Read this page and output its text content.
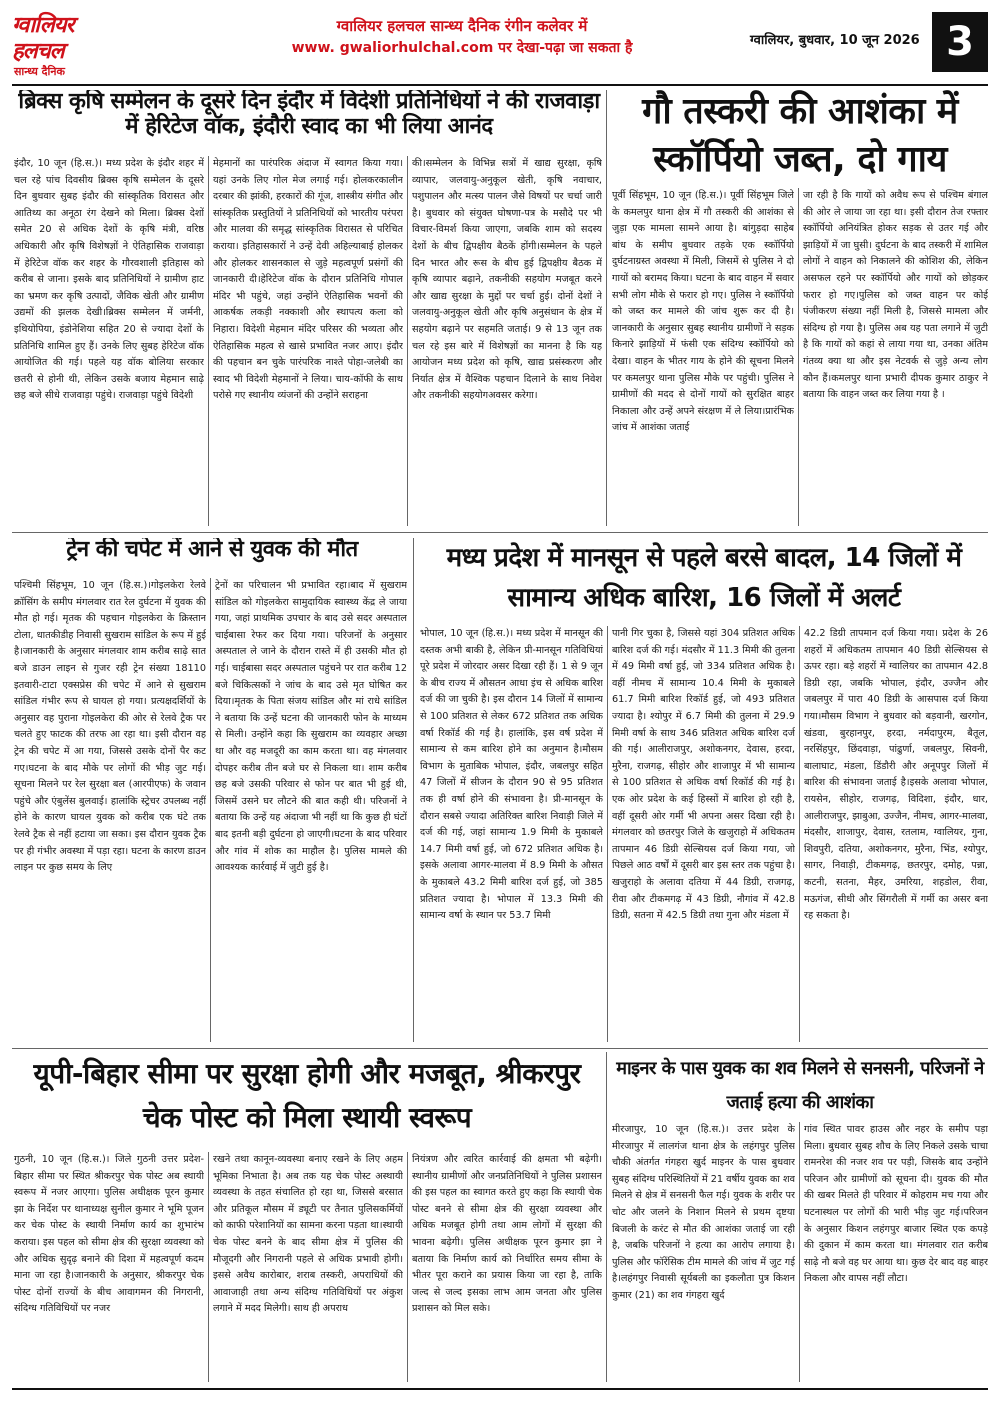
ग्वालियर
हलचल
सान्ध्य दैनिक
ग्वालियर हलचल सान्ध्य दैनिक रंगीन कलेवर में
www. gwaliorhulchal.com पर देखा-पढ़ा जा सकता है	ग्वालियर, बुधवार, 10 जून 2026 3
ब्रिक्स कृषि सम्मेलन के दूसरे दिन इंदौर में विदेशी प्रतिनिधियों ने की राजवाड़ा में हेरिटेज वॉक, इंदौरी स्वाद का भी लिया आनंद
इंदौर, 10 जून (हि.स.)। मध्य प्रदेश के इंदौर शहर में चल रहे पांच दिवसीय ब्रिक्स कृषि सम्मेलन के दूसरे दिन बुधवार सुबह इंदौर की सांस्कृतिक विरासत और आतिथ्य का अनूठा रंग देखने को मिला। ब्रिक्स देशों समेत 20 से अधिक देशों के कृषि मंत्री, वरिष्ठ अधिकारी और कृषि विशेषज्ञों ने ऐतिहासिक राजवाड़ा में हेरिटेज वॉक कर शहर के गौरवशाली इतिहास को करीब से जाना। इसके बाद प्रतिनिधियों ने ग्रामीण हाट का भ्रमण कर कृषि उत्पादों, जैविक खेती और ग्रामीण उद्यमों की झलक देखी।ब्रिक्स सम्मेलन में जर्मनी, इथियोपिया, इंडोनेशिया सहित 20 से ज्यादा देशों के प्रतिनिधि शामिल हुए हैं। उनके लिए सुबह हेरिटेज वॉक आयोजित की गई। पहले यह वॉक बोलिया सरकार छतरी से होनी थी, लेकिन उसके बजाय मेहमान साढ़े छह बजे सीधे राजवाड़ा पहुंचे। राजवाड़ा पहुंचे विदेशी
मेहमानों का पारंपरिक अंदाज में स्वागत किया गया। यहां उनके लिए गोल मेज लगाई गई। होलकरकालीन दरबार की झांकी, हरकारों की गूंज, शास्त्रीय संगीत और सांस्कृतिक प्रस्तुतियों ने प्रतिनिधियों को भारतीय परंपरा और मालवा की समृद्ध सांस्कृतिक विरासत से परिचित कराया। इतिहासकारों ने उन्हें देवी अहिल्याबाई होलकर और होलकर शासनकाल से जुड़े महत्वपूर्ण प्रसंगों की जानकारी दी।हेरिटेज वॉक के दौरान प्रतिनिधि गोपाल मंदिर भी पहुंचे, जहां उन्होंने ऐतिहासिक भवनों की आकर्षक लकड़ी नक्काशी और स्थापत्य कला को निहारा। विदेशी मेहमान मंदिर परिसर की भव्यता और ऐतिहासिक महत्व से खासे प्रभावित नजर आए। इंदौर की पहचान बन चुके पारंपरिक नाश्ते पोहा-जलेबी का स्वाद भी विदेशी मेहमानों ने लिया। चाय-कॉफी के साथ परोसे गए स्थानीय व्यंजनों की उन्होंने सराहना
की।सम्मेलन के विभिन्न सत्रों में खाद्य सुरक्षा, कृषि व्यापार, जलवायु-अनुकूल खेती, कृषि नवाचार, पशुपालन और मत्स्य पालन जैसे विषयों पर चर्चा जारी है। बुधवार को संयुक्त घोषणा-पत्र के मसौदे पर भी विचार-विमर्श किया जाएगा, जबकि शाम को सदस्य देशों के बीच द्विपक्षीय बैठकें होंगी।सम्मेलन के पहले दिन भारत और रूस के बीच हुई द्विपक्षीय बैठक में कृषि व्यापार बढ़ाने, तकनीकी सहयोग मजबूत करने और खाद्य सुरक्षा के मुद्दों पर चर्चा हुई। दोनों देशों ने जलवायु-अनुकूल खेती और कृषि अनुसंधान के क्षेत्र में सहयोग बढ़ाने पर सहमति जताई। 9 से 13 जून तक चल रहे इस बारे में विशेषज्ञों का मानना है कि यह आयोजन मध्य प्रदेश को कृषि, खाद्य प्रसंस्करण और निर्यात क्षेत्र में वैश्विक पहचान दिलाने के साथ निवेश और तकनीकी सहयोगअवसर करेगा।
गौ तस्करी की आशंका में स्कॉर्पियो जब्त, दो गाय
पूर्वी सिंहभूम, 10 जून (हि.स.)। पूर्वी सिंहभूम जिले के कमलपुर थाना क्षेत्र में गौ तस्करी की आशंका से जुड़ा एक मामला सामने आया है। बांगुड़दा साहेब बांध के समीप बुधवार तड़के एक स्कॉर्पियो दुर्घटनाग्रस्त अवस्था में मिली, जिसमें से पुलिस ने दो गायों को बरामद किया। घटना के बाद वाहन में सवार सभी लोग मौके से फरार हो गए। पुलिस ने स्कॉर्पियो को जब्त कर मामले की जांच शुरू कर दी है।जानकारी के अनुसार सुबह स्थानीय ग्रामीणों ने सड़क किनारे झाड़ियों में फंसी एक संदिग्ध स्कॉर्पियो को देखा। वाहन के भीतर गाय के होने की सूचना मिलने पर कमलपुर थाना पुलिस मौके पर पहुंची। पुलिस ने ग्रामीणों की मदद से दोनों गायों को सुरक्षित बाहर निकाला और उन्हें अपने संरक्षण में ले लिया।प्रारंभिक जांच में आशंका जताई
जा रही है कि गायों को अवैध रूप से पश्चिम बंगाल की ओर ले जाया जा रहा था। इसी दौरान तेज रफ्तार स्कॉर्पियो अनियंत्रित होकर सड़क से उतर गई और झाड़ियों में जा घुसी। दुर्घटना के बाद तस्करी में शामिल लोगों ने वाहन को निकालने की कोशिश की, लेकिन असफल रहने पर स्कॉर्पियो और गायों को छोड़कर फरार हो गए।पुलिस को जब्त वाहन पर कोई पंजीकरण संख्या नहीं मिली है, जिससे मामला और संदिग्ध हो गया है। पुलिस अब यह पता लगाने में जुटी है कि गायों को कहां से लाया गया था, उनका अंतिम गंतव्य क्या था और इस नेटवर्क से जुड़े अन्य लोग कौन हैं।कमलपुर थाना प्रभारी दीपक कुमार ठाकुर ने बताया कि वाहन जब्त कर लिया गया है ।
ट्रेन की चपेट में आने से युवक की मौत
पश्चिमी सिंहभूम, 10 जून (हि.स.)।गोइलकेरा रेलवे क्रॉसिंग के समीप मंगलवार रात रेल दुर्घटना में युवक की मौत हो गई। मृतक की पहचान गोइलकेरा के क्रिस्तान टोला, धातकीडीह निवासी सुखराम सांडिल के रूप में हुई है।जानकारी के अनुसार मंगलवार शाम करीब साढ़े सात बजे डाउन लाइन से गुजर रही ट्रेन संख्या 18110 इतवारी-टाटा एक्सप्रेस की चपेट में आने से सुखराम सांडिल गंभीर रूप से घायल हो गया। प्रत्यक्षदर्शियों के अनुसार वह पुराना गोइलकेरा की ओर से रेलवे ट्रैक पर चलते हुए फाटक की तरफ आ रहा था। इसी दौरान वह ट्रेन की चपेट में आ गया, जिससे उसके दोनों पैर कट गए।घटना के बाद मौके पर लोगों की भीड़ जुट गई। सूचना मिलने पर रेल सुरक्षा बल (आरपीएफ) के जवान पहुंचे और एंबुलेंस बुलवाई। हालांकि स्ट्रेचर उपलब्ध नहीं होने के कारण घायल युवक को करीब एक घंटे तक रेलवे ट्रैक से नहीं हटाया जा सका। इस दौरान युवक ट्रैक पर ही गंभीर अवस्था में पड़ा रहा। घटना के कारण डाउन लाइन पर कुछ समय के लिए
ट्रेनों का परिचालन भी प्रभावित रहा।बाद में सुखराम सांडिल को गोइलकेरा सामुदायिक स्वास्थ्य केंद्र ले जाया गया, जहां प्राथमिक उपचार के बाद उसे सदर अस्पताल चाईबासा रेफर कर दिया गया। परिजनों के अनुसार अस्पताल ले जाने के दौरान रास्ते में ही उसकी मौत हो गई। चाईबासा सदर अस्पताल पहुंचने पर रात करीब 12 बजे चिकित्सकों ने जांच के बाद उसे मृत घोषित कर दिया।मृतक के पिता संजय सांडिल और मां राधे सांडिल ने बताया कि उन्हें घटना की जानकारी फोन के माध्यम से मिली। उन्होंने कहा कि सुखराम का व्यवहार अच्छा था और वह मजदूरी का काम करता था। वह मंगलवार दोपहर करीब तीन बजे घर से निकला था। शाम करीब छह बजे उसकी परिवार से फोन पर बात भी हुई थी, जिसमें उसने घर लौटने की बात कही थी। परिजनों ने बताया कि उन्हें यह अंदाजा भी नहीं था कि कुछ ही घंटों बाद इतनी बड़ी दुर्घटना हो जाएगी।घटना के बाद परिवार और गांव में शोक का माहौल है। पुलिस मामले की आवश्यक कार्रवाई में जुटी हुई है।
मध्य प्रदेश में मानसून से पहले बरसे बादल, 14 जिलों में सामान्य अधिक बारिश, 16 जिलों में अलर्ट
भोपाल, 10 जून (हि.स.)। मध्य प्रदेश में मानसून की दस्तक अभी बाकी है, लेकिन प्री-मानसून गतिविधियां पूरे प्रदेश में जोरदार असर दिखा रही हैं। 1 से 9 जून के बीच राज्य में औसतन आधा इंच से अधिक बारिश दर्ज की जा चुकी है। इस दौरान 14 जिलों में सामान्य से 100 प्रतिशत से लेकर 672 प्रतिशत तक अधिक वर्षा रिकॉर्ड की गई है। हालांकि, इस वर्ष प्रदेश में सामान्य से कम बारिश होने का अनुमान है।मौसम विभाग के मुताबिक भोपाल, इंदौर, जबलपुर सहित 47 जिलों में सीजन के दौरान 90 से 95 प्रतिशत तक ही वर्षा होने की संभावना है। प्री-मानसून के दौरान सबसे ज्यादा अतिरिक्त बारिश निवाड़ी जिले में दर्ज की गई, जहां सामान्य 1.9 मिमी के मुकाबले 14.7 मिमी वर्षा हुई, जो 672 प्रतिशत अधिक है।इसके अलावा आगर-मालवा में 8.9 मिमी के औसत के मुकाबले 43.2 मिमी बारिश दर्ज हुई, जो 385 प्रतिशत ज्यादा है। भोपाल में 13.3 मिमी की सामान्य वर्षा के स्थान पर 53.7 मिमी
पानी गिर चुका है, जिससे यहां 304 प्रतिशत अधिक बारिश दर्ज की गई। मंदसौर में 11.3 मिमी की तुलना में 49 मिमी वर्षा हुई, जो 334 प्रतिशत अधिक है। वहीं नीमच में सामान्य 10.4 मिमी के मुकाबले 61.7 मिमी बारिश रिकॉर्ड हुई, जो 493 प्रतिशत ज्यादा है। श्योपुर में 6.7 मिमी की तुलना में 29.9 मिमी वर्षा के साथ 346 प्रतिशत अधिक बारिश दर्ज की गई। आलीराजपुर, अशोकनगर, देवास, हरदा, मुरैना, राजगढ़, सीहोर और शाजापुर में भी सामान्य से 100 प्रतिशत से अधिक वर्षा रिकॉर्ड की गई है।एक ओर प्रदेश के कई हिस्सों में बारिश हो रही है, वहीं दूसरी ओर गर्मी भी अपना असर दिखा रही है। मंगलवार को छतरपुर जिले के खजुराहो में अधिकतम तापमान 46 डिग्री सेल्सियस दर्ज किया गया, जो पिछले आठ वर्षों में दूसरी बार इस स्तर तक पहुंचा है। खजुराहो के अलावा दतिया में 44 डिग्री, राजगढ़, रीवा और टीकमगढ़ में 43 डिग्री, नौगांव में 42.8 डिग्री, सतना में 42.5 डिग्री तथा गुना और मंडला में
42.2 डिग्री तापमान दर्ज किया गया। प्रदेश के 26 शहरों में अधिकतम तापमान 40 डिग्री सेल्सियस से ऊपर रहा। बड़े शहरों में ग्वालियर का तापमान 42.8 डिग्री रहा, जबकि भोपाल, इंदौर, उज्जैन और जबलपुर में पारा 40 डिग्री के आसपास दर्ज किया गया।मौसम विभाग ने बुधवार को बड़वानी, खरगोन, खंडवा, बुरहानपुर, हरदा, नर्मदापुरम, बैतूल, नरसिंहपुर, छिंदवाड़ा, पांढुर्णा, जबलपुर, सिवनी, बालाघाट, मंडला, डिंडौरी और अनूपपुर जिलों में बारिश की संभावना जताई है।इसके अलावा भोपाल, रायसेन, सीहोर, राजगढ़, विदिशा, इंदौर, धार, आलीराजपुर, झाबुआ, उज्जैन, नीमच, आगर-मालवा, मंदसौर, शाजापुर, देवास, रतलाम, ग्वालियर, गुना, शिवपुरी, दतिया, अशोकनगर, मुरैना, भिंड, श्योपुर, सागर, निवाड़ी, टीकमगढ़, छतरपुर, दमोह, पन्ना, कटनी, सतना, मैहर, उमरिया, शहडोल, रीवा, मऊगंज, सीधी और सिंगरौली में गर्मी का असर बना रह सकता है।
यूपी-बिहार सीमा पर सुरक्षा होगी और मजबूत, श्रीकरपुर चेक पोस्ट को मिला स्थायी स्वरूप
गुठनी, 10 जून (हि.स.)। जिले गुठनी उत्तर प्रदेश-बिहार सीमा पर स्थित श्रीकरपुर चेक पोस्ट अब स्थायी स्वरूप में नजर आएगा। पुलिस अधीक्षक पूरन कुमार झा के निर्देश पर थानाध्यक्ष सुनील कुमार ने भूमि पूजन कर चेक पोस्ट के स्थायी निर्माण कार्य का शुभारंभ कराया। इस पहल को सीमा क्षेत्र की सुरक्षा व्यवस्था को और अधिक सुदृढ़ बनाने की दिशा में महत्वपूर्ण कदम माना जा रहा है।जानकारी के अनुसार, श्रीकरपुर चेक पोस्ट दोनों राज्यों के बीच आवागमन की निगरानी, संदिग्ध गतिविधियों पर नजर
रखने तथा कानून-व्यवस्था बनाए रखने के लिए अहम भूमिका निभाता है। अब तक यह चेक पोस्ट अस्थायी व्यवस्था के तहत संचालित हो रहा था, जिससे बरसात और प्रतिकूल मौसम में ड्यूटी पर तैनात पुलिसकर्मियों को काफी परेशानियों का सामना करना पड़ता था।स्थायी चेक पोस्ट बनने के बाद सीमा क्षेत्र में पुलिस की मौजूदगी और निगरानी पहले से अधिक प्रभावी होगी। इससे अवैध कारोबार, शराब तस्करी, अपराधियों की आवाजाही तथा अन्य संदिग्ध गतिविधियों पर अंकुश लगाने में मदद मिलेगी। साथ ही अपराध
नियंत्रण और त्वरित कार्रवाई की क्षमता भी बढ़ेगी।स्थानीय ग्रामीणों और जनप्रतिनिधियों ने पुलिस प्रशासन की इस पहल का स्वागत करते हुए कहा कि स्थायी चेक पोस्ट बनने से सीमा क्षेत्र की सुरक्षा व्यवस्था और अधिक मजबूत होगी तथा आम लोगों में सुरक्षा की भावना बढ़ेगी। पुलिस अधीक्षक पूरन कुमार झा ने बताया कि निर्माण कार्य को निर्धारित समय सीमा के भीतर पूरा कराने का प्रयास किया जा रहा है, ताकि जल्द से जल्द इसका लाभ आम जनता और पुलिस प्रशासन को मिल सके।
माइनर के पास युवक का शव मिलने से सनसनी, परिजनों ने जताई हत्या की आशंका
मीरजापुर, 10 जून (हि.स.)। उत्तर प्रदेश के मीरजापुर में लालगंज थाना क्षेत्र के लहंगपुर पुलिस चौकी अंतर्गत गंगहरा खुर्द माइनर के पास बुधवार सुबह संदिग्ध परिस्थितियों में 21 वर्षीय युवक का शव मिलने से क्षेत्र में सनसनी फैल गई। युवक के शरीर पर चोट और जलने के निशान मिलने से प्रथम दृष्टया बिजली के करंट से मौत की आशंका जताई जा रही है, जबकि परिजनों ने हत्या का आरोप लगाया है। पुलिस और फॉरेंसिक टीम मामले की जांच में जुट गई है।लहंगपुर निवासी सूर्यबली का इकलौता पुत्र किशन कुमार (21) का शव गंगहरा खुर्द
गांव स्थित पावर हाउस और नहर के समीप पड़ा मिला। बुधवार सुबह शौच के लिए निकले उसके चाचा रामनरेश की नजर शव पर पड़ी, जिसके बाद उन्होंने परिजन और ग्रामीणों को सूचना दी। युवक की मौत की खबर मिलते ही परिवार में कोहराम मच गया और घटनास्थल पर लोगों की भारी भीड़ जुट गई।परिजन के अनुसार किशन लहंगपुर बाजार स्थित एक कपड़े की दुकान में काम करता था। मंगलवार रात करीब साढ़े नौ बजे वह घर आया था। कुछ देर बाद वह बाहर निकला और वापस नहीं लौटा।
